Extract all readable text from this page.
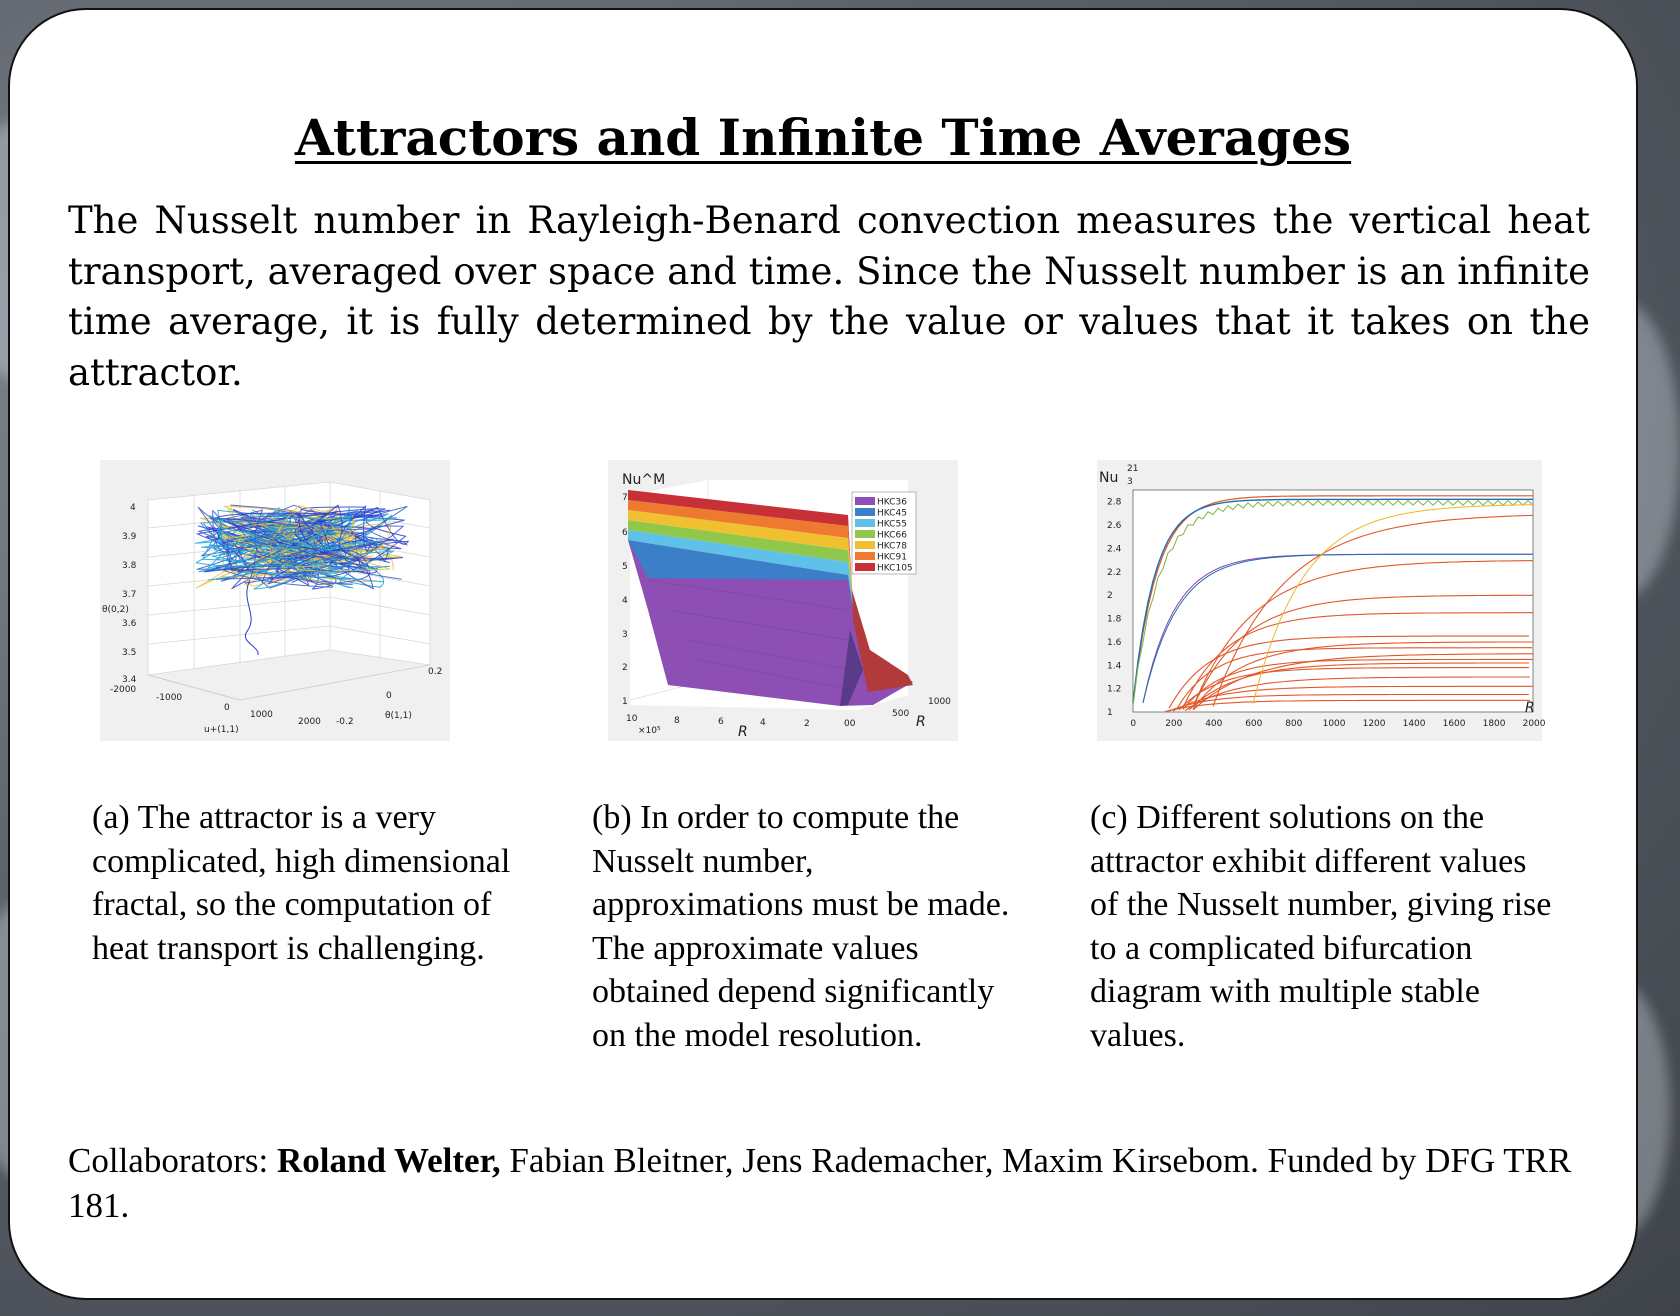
Attractors and Infinite Time Averages

The Nusselt number in Rayleigh-Benard convection measures the vertical heat transport, averaged over space and time. Since the Nusselt number is an infinite time average, it is fully determined by the value or values that it takes on the attractor.

4
3.9
3.8
3.7
3.6
3.5
3.4
-2000
-1000
0
1000
2000 -0.2
0
0.2
θ(0,2)
u+(1,1)
θ(1,1)
HKC36
HKC45
HKC55
HKC66
HKC78
HKC91
HKC105
Nu^M
7
6
5
4
3
2
1
10	8	6	4	2	00
×10⁵	R
500
1000
R
2.8
2.6
2.4
2.2
2
1.8
1.6
1.4
1.2
1
0	200	400	600	800 1000 1200 1400 1600 1800 2000
Nu
21
3
R

(a) The attractor is a very complicated, high dimensional fractal, so the computation of heat transport is challenging.

(b) In order to compute the Nusselt number, approximations must be made. The approximate values obtained depend significantly on the model resolution.

(c) Different solutions on the attractor exhibit different values of the Nusselt number, giving rise to a complicated bifurcation diagram with multiple stable values.

Collaborators: Roland Welter, Fabian Bleitner, Jens Rademacher, Maxim Kirsebom. Funded by DFG TRR 181.
